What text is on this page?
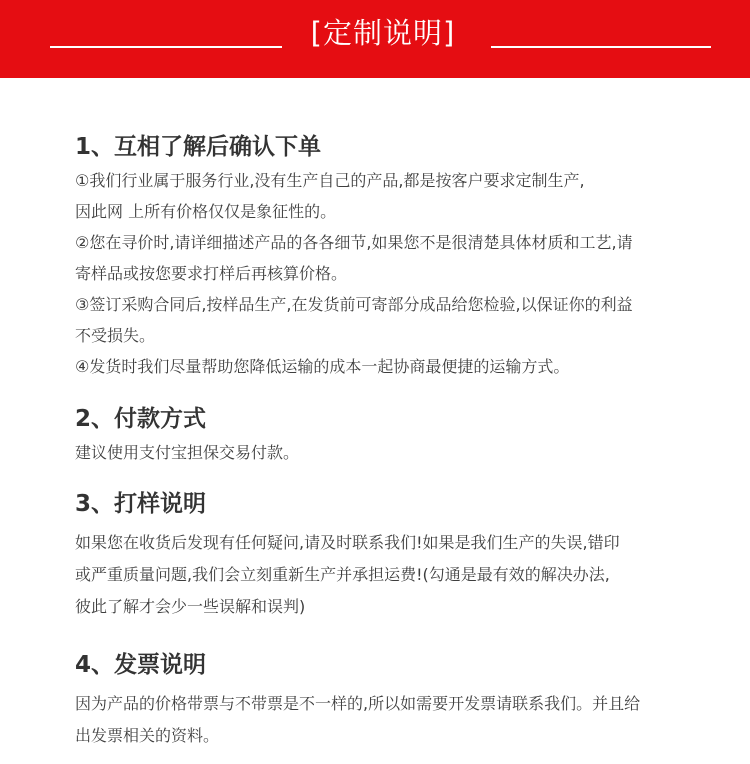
[定制说明]
1、互相了解后确认下单
①我们行业属于服务行业,没有生产自己的产品,都是按客户要求定制生产,
因此网 上所有价格仅仅是象征性的。
②您在寻价时,请详细描述产品的各各细节,如果您不是很清楚具体材质和工艺,请
寄样品或按您要求打样后再核算价格。
③签订采购合同后,按样品生产,在发货前可寄部分成品给您检验,以保证你的利益
不受损失。
④发货时我们尽量帮助您降低运输的成本一起协商最便捷的运输方式。
2、付款方式
建议使用支付宝担保交易付款。
3、打样说明
如果您在收货后发现有任何疑问,请及时联系我们!如果是我们生产的失误,错印
或严重质量问题,我们会立刻重新生产并承担运费!(勾通是最有效的解决办法,
彼此了解才会少一些误解和误判)
4、发票说明
因为产品的价格带票与不带票是不一样的,所以如需要开发票请联系我们。并且给
出发票相关的资料。
